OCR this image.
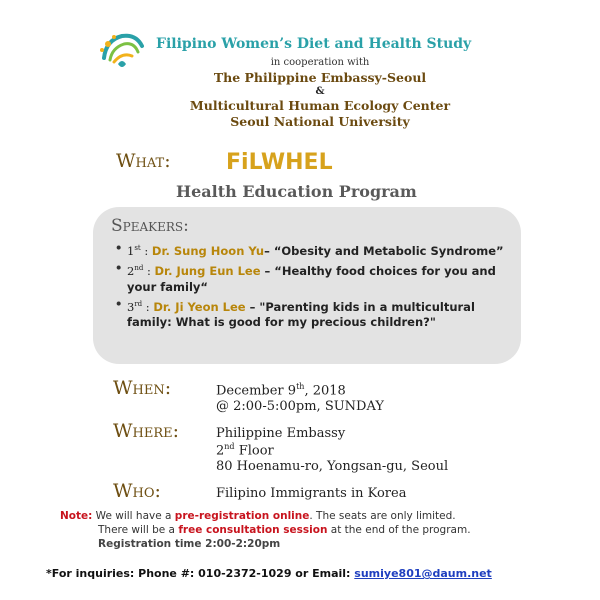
Filipino Women’s Diet and Health Study
in cooperation with
The Philippine Embassy-Seoul
&
Multicultural Human Ecology Center
Seoul National University
What:	FiLWHEL
Health Education Program
Speakers:
• 1st : Dr. Sung Hoon Yu– “Obesity and Metabolic Syndrome”
• 2nd : Dr. Jung Eun Lee – “Healthy food choices for you and your family“
• 3rd : Dr. Ji Yeon Lee – "Parenting kids in a multicultural family: What is good for my precious children?"
When:	December 9th, 2018
@ 2:00-5:00pm, SUNDAY
Where:	Philippine Embassy
2nd Floor
80 Hoenamu-ro, Yongsan-gu, Seoul
Who:	Filipino Immigrants in Korea
Note: We will have a pre-registration online. The seats are only limited.
There will be a free consultation session at the end of the program.
Registration time 2:00-2:20pm
*For inquiries: Phone #: 010-2372-1029 or Email: sumiye801@daum.net
